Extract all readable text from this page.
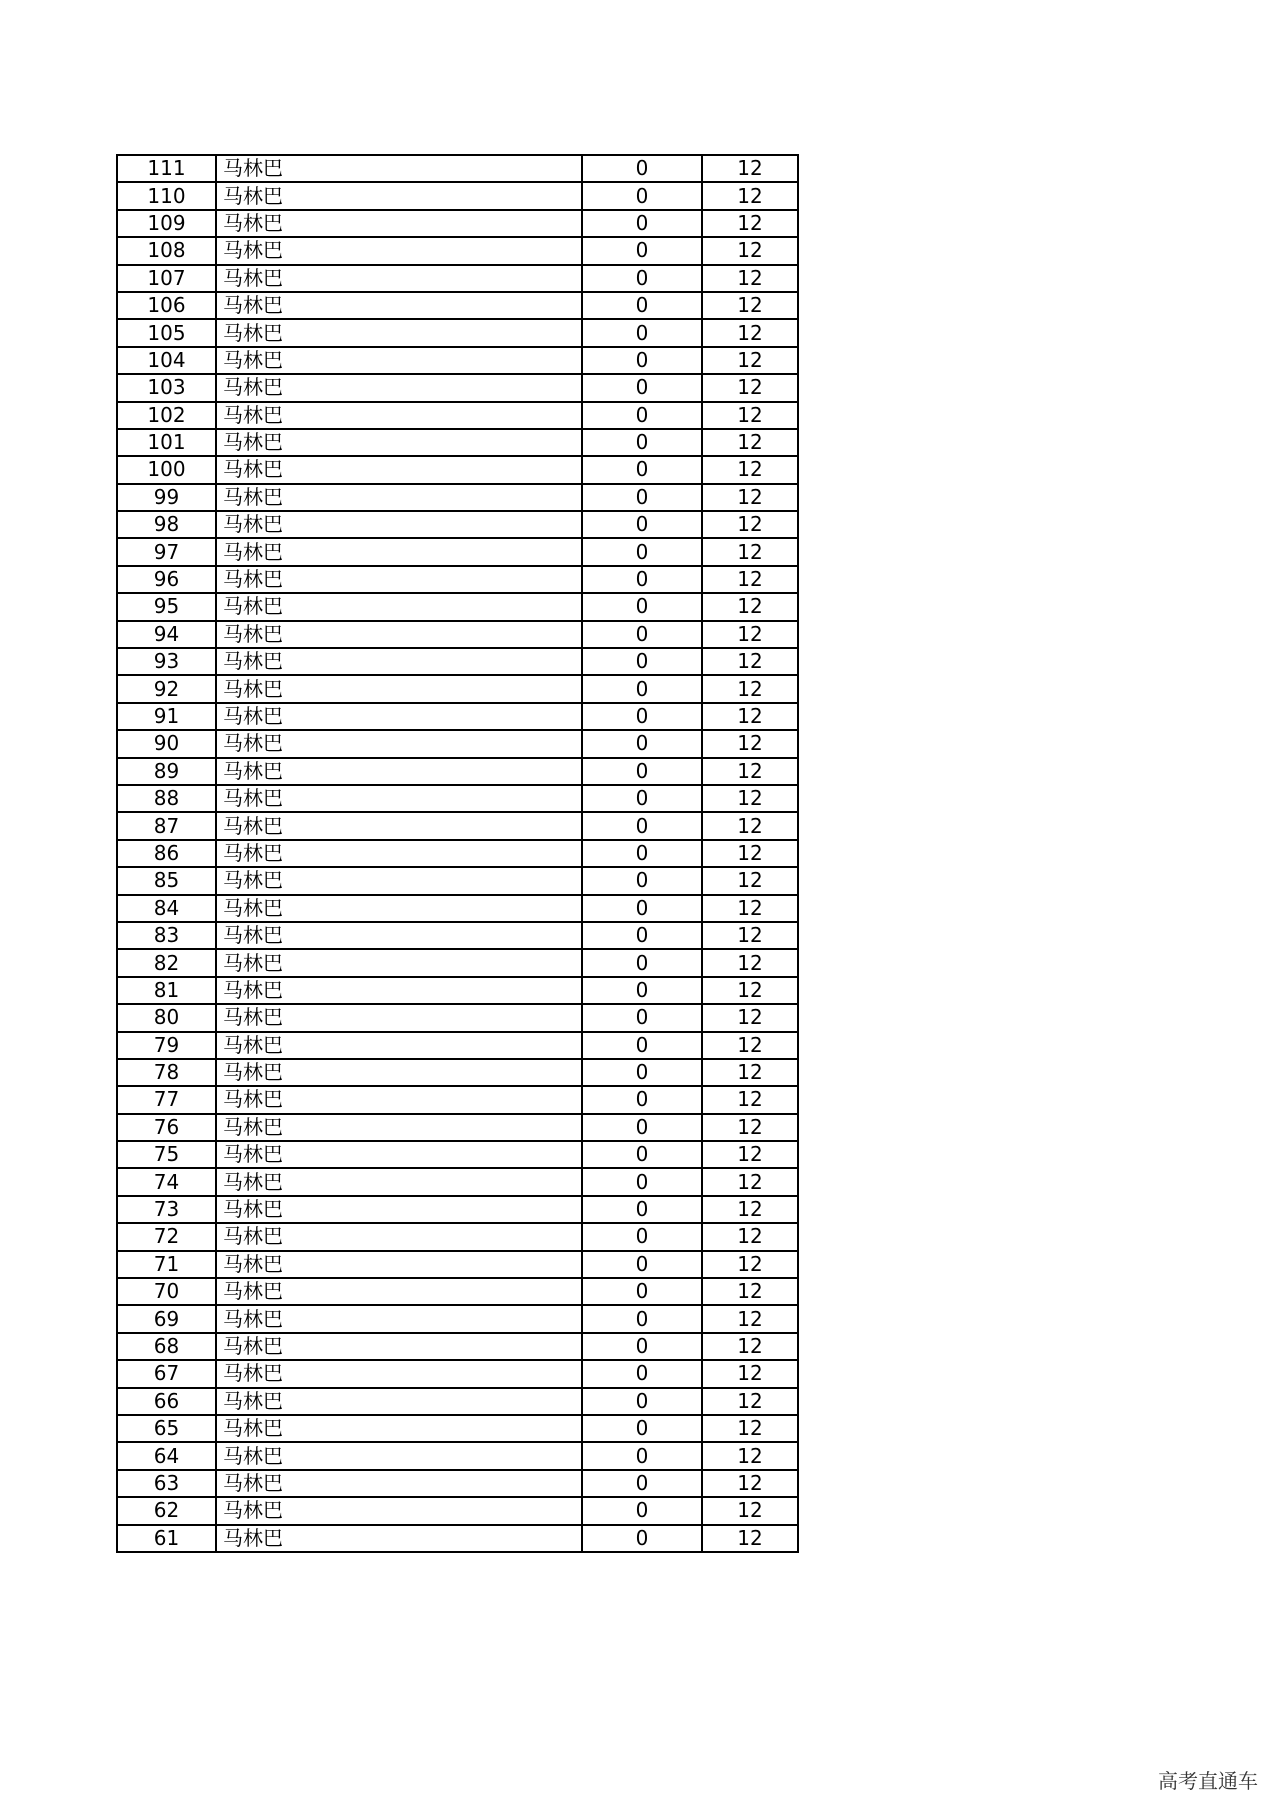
111	马林巴	0	12
110	马林巴	0	12
109	马林巴	0	12
108	马林巴	0	12
107	马林巴	0	12
106	马林巴	0	12
105	马林巴	0	12
104	马林巴	0	12
103	马林巴	0	12
102	马林巴	0	12
101	马林巴	0	12
100	马林巴	0	12
99	马林巴	0	12
98	马林巴	0	12
97	马林巴	0	12
96	马林巴	0	12
95	马林巴	0	12
94	马林巴	0	12
93	马林巴	0	12
92	马林巴	0	12
91	马林巴	0	12
90	马林巴	0	12
89	马林巴	0	12
88	马林巴	0	12
87	马林巴	0	12
86	马林巴	0	12
85	马林巴	0	12
84	马林巴	0	12
83	马林巴	0	12
82	马林巴	0	12
81	马林巴	0	12
80	马林巴	0	12
79	马林巴	0	12
78	马林巴	0	12
77	马林巴	0	12
76	马林巴	0	12
75	马林巴	0	12
74	马林巴	0	12
73	马林巴	0	12
72	马林巴	0	12
71	马林巴	0	12
70	马林巴	0	12
69	马林巴	0	12
68	马林巴	0	12
67	马林巴	0	12
66	马林巴	0	12
65	马林巴	0	12
64	马林巴	0	12
63	马林巴	0	12
62	马林巴	0	12
61	马林巴	0	12
高考直通车
